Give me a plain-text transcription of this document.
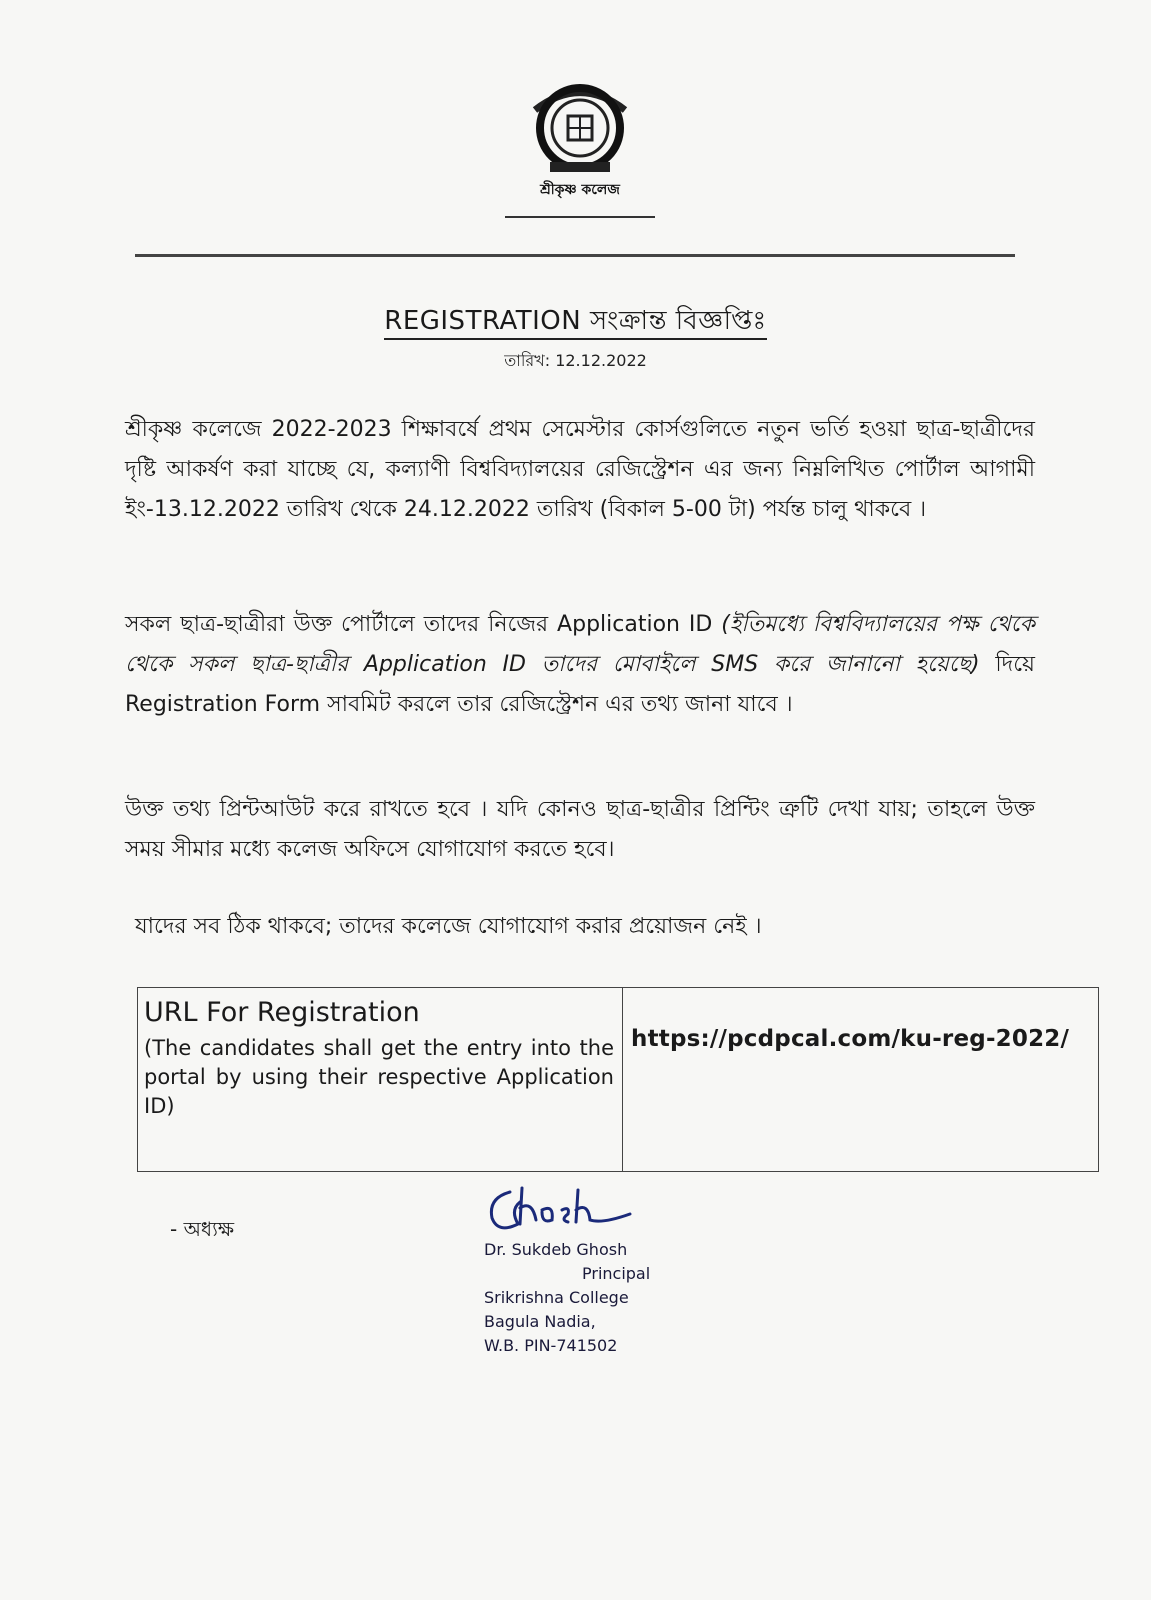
শ্রীকৃষ্ণ কলেজ
REGISTRATION সংক্রান্ত বিজ্ঞপ্তিঃ
তারিখ: 12.12.2022
শ্রীকৃষ্ণ কলেজে 2022-2023 শিক্ষাবর্ষে প্রথম সেমেস্টার কোর্সগুলিতে নতুন ভর্তি হওয়া ছাত্র-ছাত্রীদের দৃষ্টি আকর্ষণ করা যাচ্ছে যে, কল্যাণী বিশ্ববিদ্যালয়ের রেজিস্ট্রেশন এর জন্য নিম্নলিখিত পোর্টাল আগামী ইং-13.12.2022 তারিখ থেকে 24.12.2022 তারিখ (বিকাল 5-00 টা) পর্যন্ত চালু থাকবে ।
সকল ছাত্র-ছাত্রীরা উক্ত পোর্টালে তাদের নিজের Application ID (ইতিমধ্যে বিশ্ববিদ্যালয়ের পক্ষ থেকে থেকে সকল ছাত্র-ছাত্রীর Application ID তাদের মোবাইলে SMS করে জানানো হয়েছে) দিয়ে Registration Form সাবমিট করলে তার রেজিস্ট্রেশন এর তথ্য জানা যাবে ।
উক্ত তথ্য প্রিন্টআউট করে রাখতে হবে । যদি কোনও ছাত্র-ছাত্রীর প্রিন্টিং ত্রুটি দেখা যায়; তাহলে উক্ত সময় সীমার মধ্যে কলেজ অফিসে যোগাযোগ করতে হবে।
যাদের সব ঠিক থাকবে; তাদের কলেজে যোগাযোগ করার প্রয়োজন নেই ।
URL For Registration
(The candidates shall get the entry into the portal by using their respective Application ID)
https://pcdpcal.com/ku-reg-2022/
- অধ্যক্ষ
Dr. Sukdeb Ghosh
Principal
Srikrishna College
Bagula Nadia,
W.B. PIN-741502
